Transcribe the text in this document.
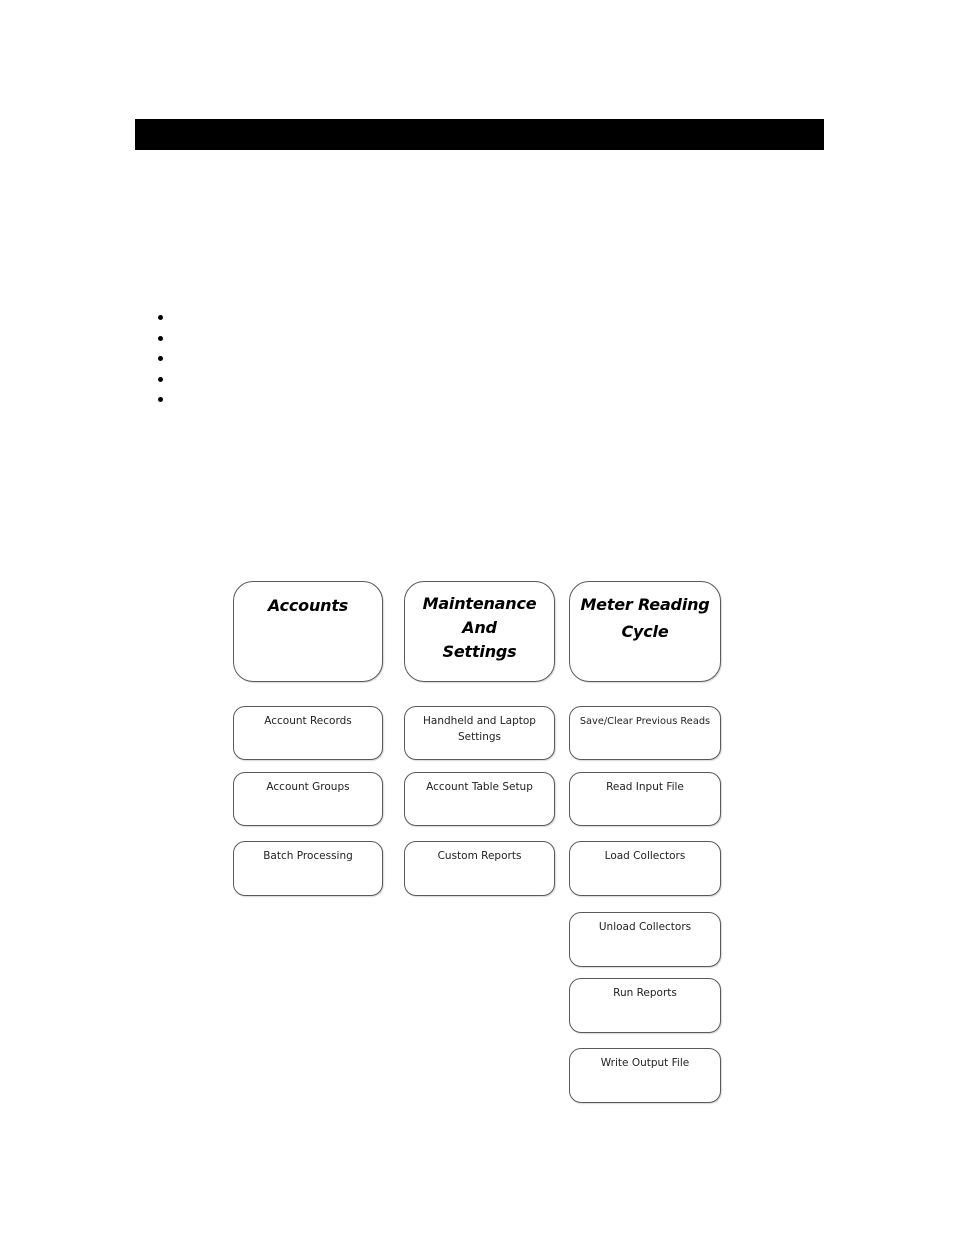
Accounts
Account Records
Account Groups
Batch Processing
Maintenance
And
Settings
Handheld and Laptop
Settings
Account Table Setup
Custom Reports
Meter Reading
Cycle
Save/Clear Previous Reads
Read Input File
Load Collectors
Unload Collectors
Run Reports
Write Output File
